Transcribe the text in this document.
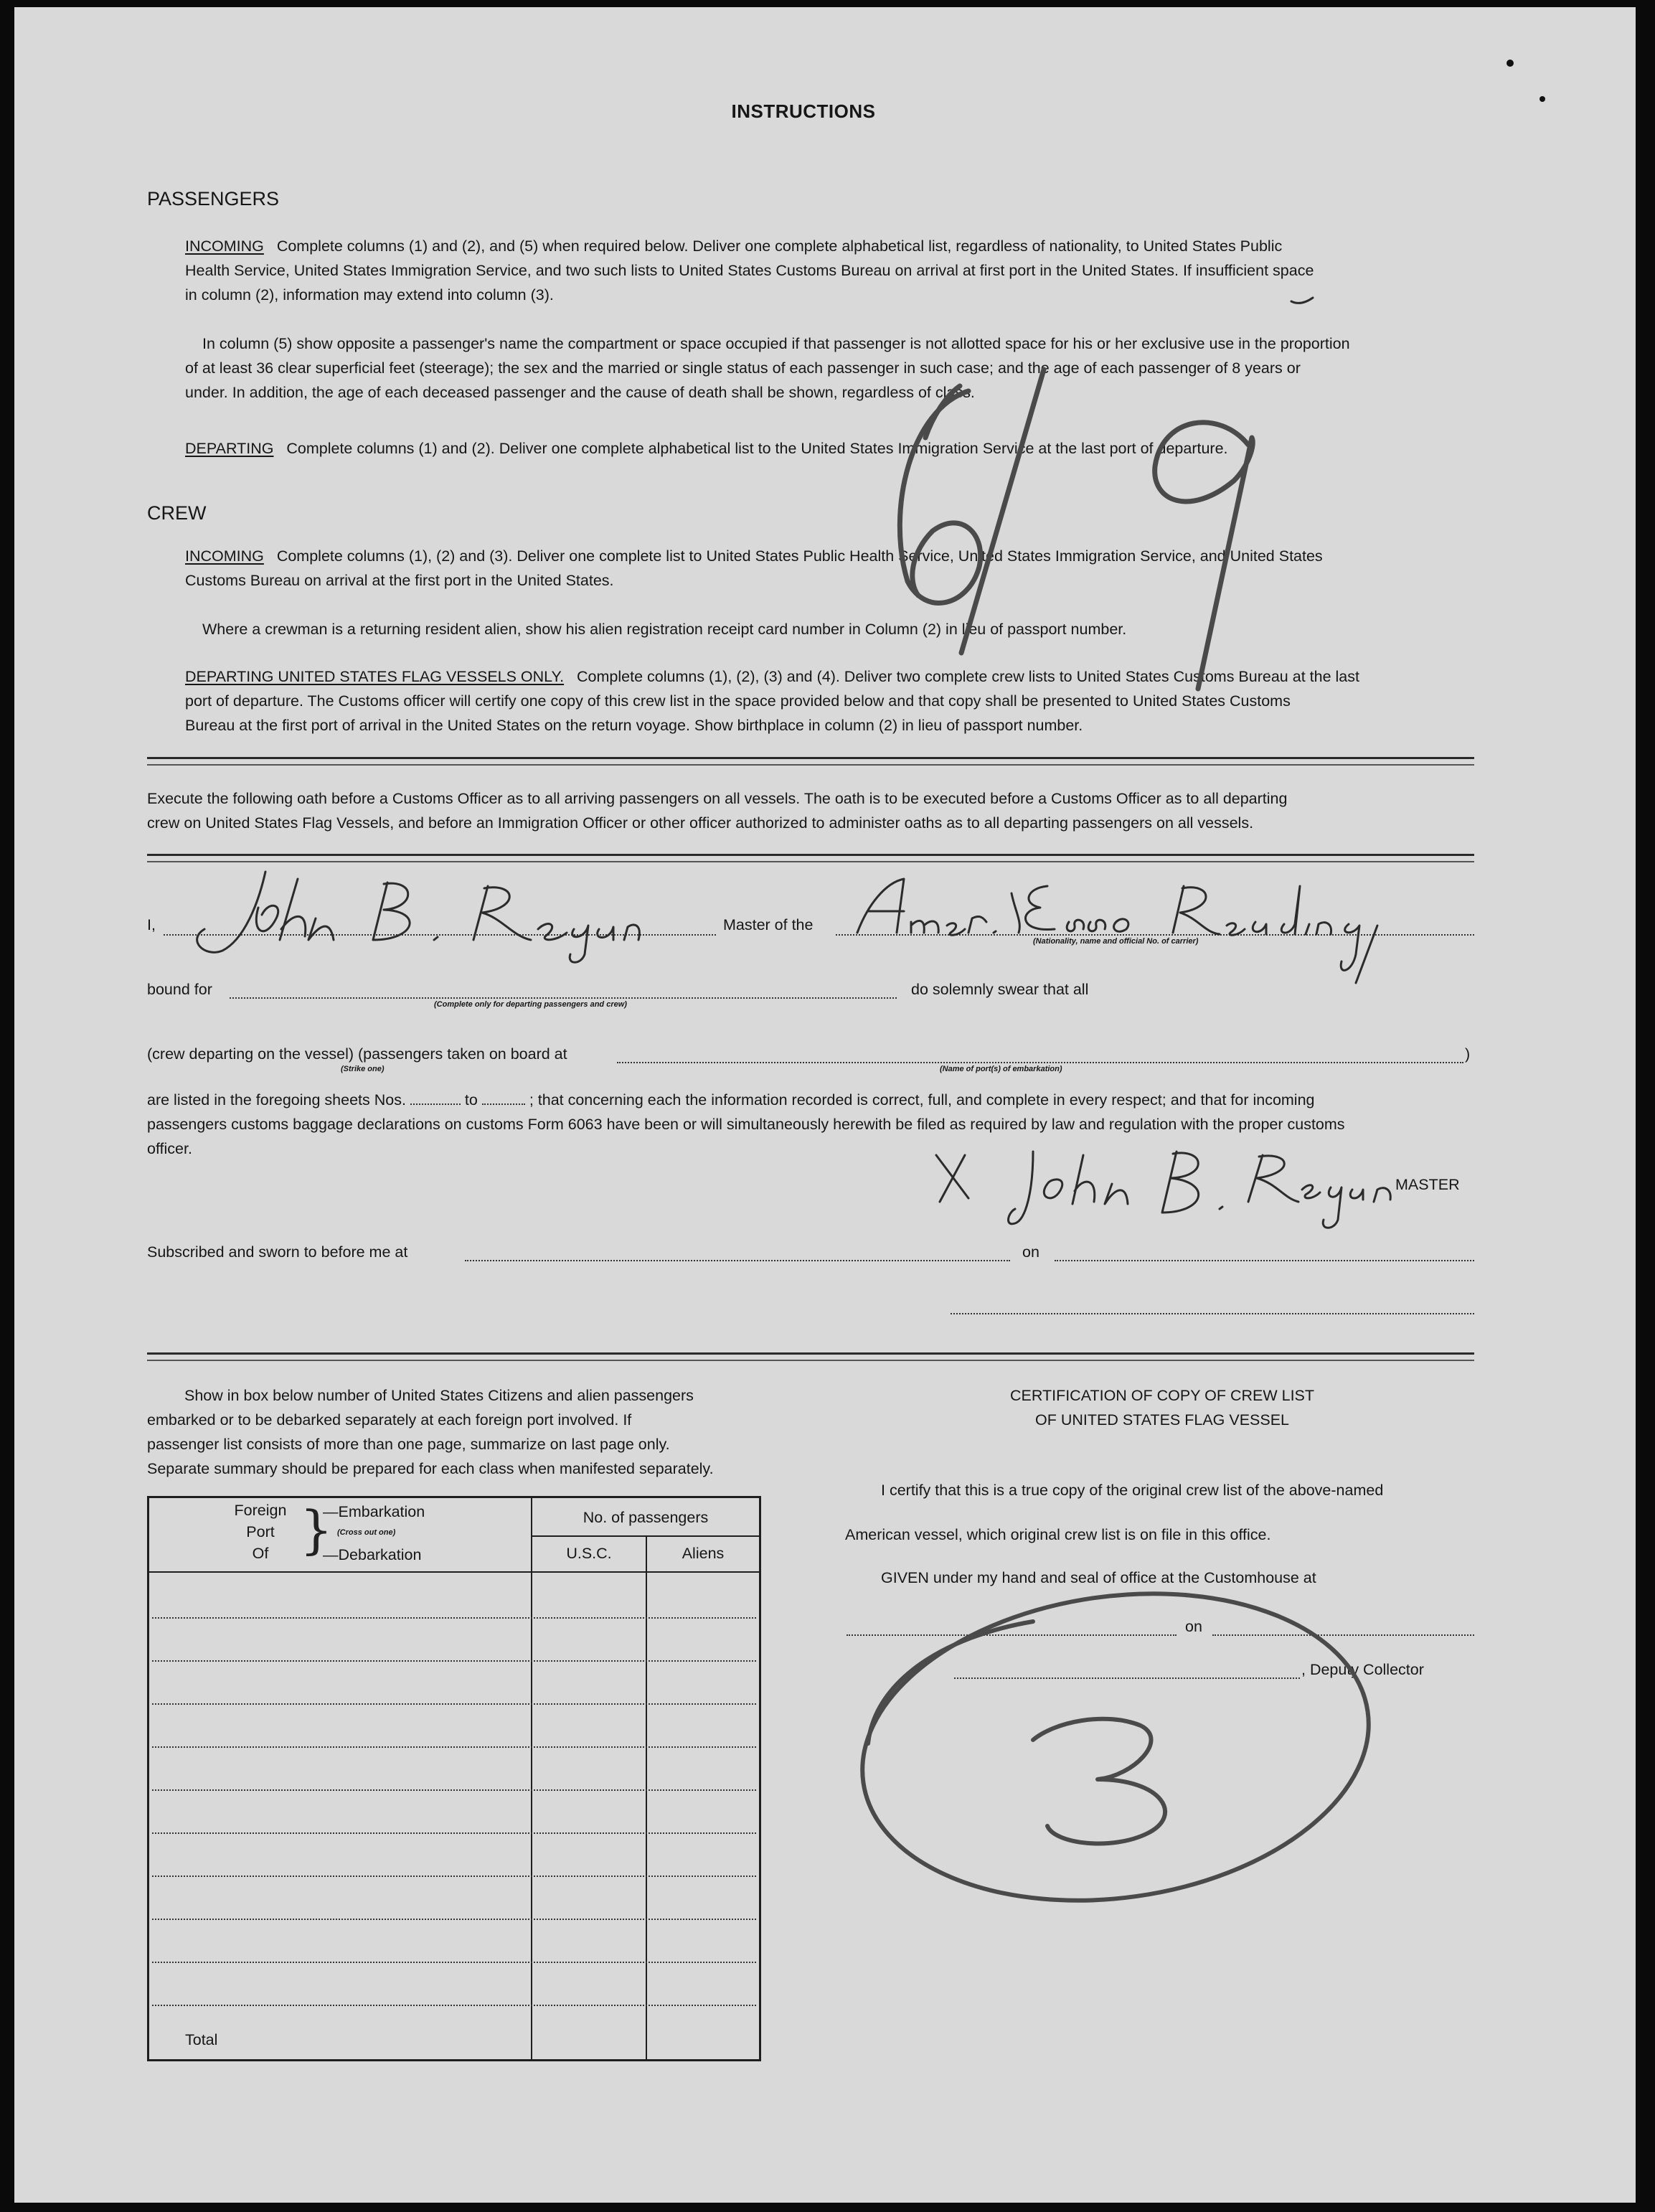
INSTRUCTIONS
PASSENGERS
INCOMING Complete columns (1) and (2), and (5) when required below. Deliver one complete alphabetical list, regardless of nationality, to United States Public
Health Service, United States Immigration Service, and two such lists to United States Customs Bureau on arrival at first port in the United States. If insufficient space
in column (2), information may extend into column (3).
In column (5) show opposite a passenger's name the compartment or space occupied if that passenger is not allotted space for his or her exclusive use in the proportion
of at least 36 clear superficial feet (steerage); the sex and the married or single status of each passenger in such case; and the age of each passenger of 8 years or
under. In addition, the age of each deceased passenger and the cause of death shall be shown, regardless of class.
DEPARTING Complete columns (1) and (2). Deliver one complete alphabetical list to the United States Immigration Service at the last port of departure.
CREW
INCOMING Complete columns (1), (2) and (3). Deliver one complete list to United States Public Health Service, United States Immigration Service, and United States
Customs Bureau on arrival at the first port in the United States.
Where a crewman is a returning resident alien, show his alien registration receipt card number in Column (2) in lieu of passport number.
DEPARTING UNITED STATES FLAG VESSELS ONLY. Complete columns (1), (2), (3) and (4). Deliver two complete crew lists to United States Customs Bureau at the last
port of departure. The Customs officer will certify one copy of this crew list in the space provided below and that copy shall be presented to United States Customs
Bureau at the first port of arrival in the United States on the return voyage. Show birthplace in column (2) in lieu of passport number.
Execute the following oath before a Customs Officer as to all arriving passengers on all vessels. The oath is to be executed before a Customs Officer as to all departing
crew on United States Flag Vessels, and before an Immigration Officer or other officer authorized to administer oaths as to all departing passengers on all vessels.
I,	Master of the
(Nationality, name and official No. of carrier)
bound for
(Complete only for departing passengers and crew)
do solemnly swear that all
(crew departing on the vessel) (passengers taken on board at	)
(Strike one)	(Name of port(s) of embarkation)
are listed in the foregoing sheets Nos.	to	; that concerning each the information recorded is correct, full, and complete in every respect; and that for incoming
passengers customs baggage declarations on customs Form 6063 have been or will simultaneously herewith be filed as required by law and regulation with the proper customs
officer.
MASTER
Subscribed and sworn to before me at	on
Show in box below number of United States Citizens and alien passengers
embarked or to be debarked separately at each foreign port involved. If
passenger list consists of more than one page, summarize on last page only.
Separate summary should be prepared for each class when manifested separately.
Foreign
Port
Of }
—Embarkation
(Cross out one)
—Debarkation
No. of passengers
U.S.C.	Aliens
Total
CERTIFICATION OF COPY OF CREW LIST
OF UNITED STATES FLAG VESSEL
I certify that this is a true copy of the original crew list of the above-named
American vessel, which original crew list is on file in this office.
GIVEN under my hand and seal of office at the Customhouse at
on
, Deputy Collector
